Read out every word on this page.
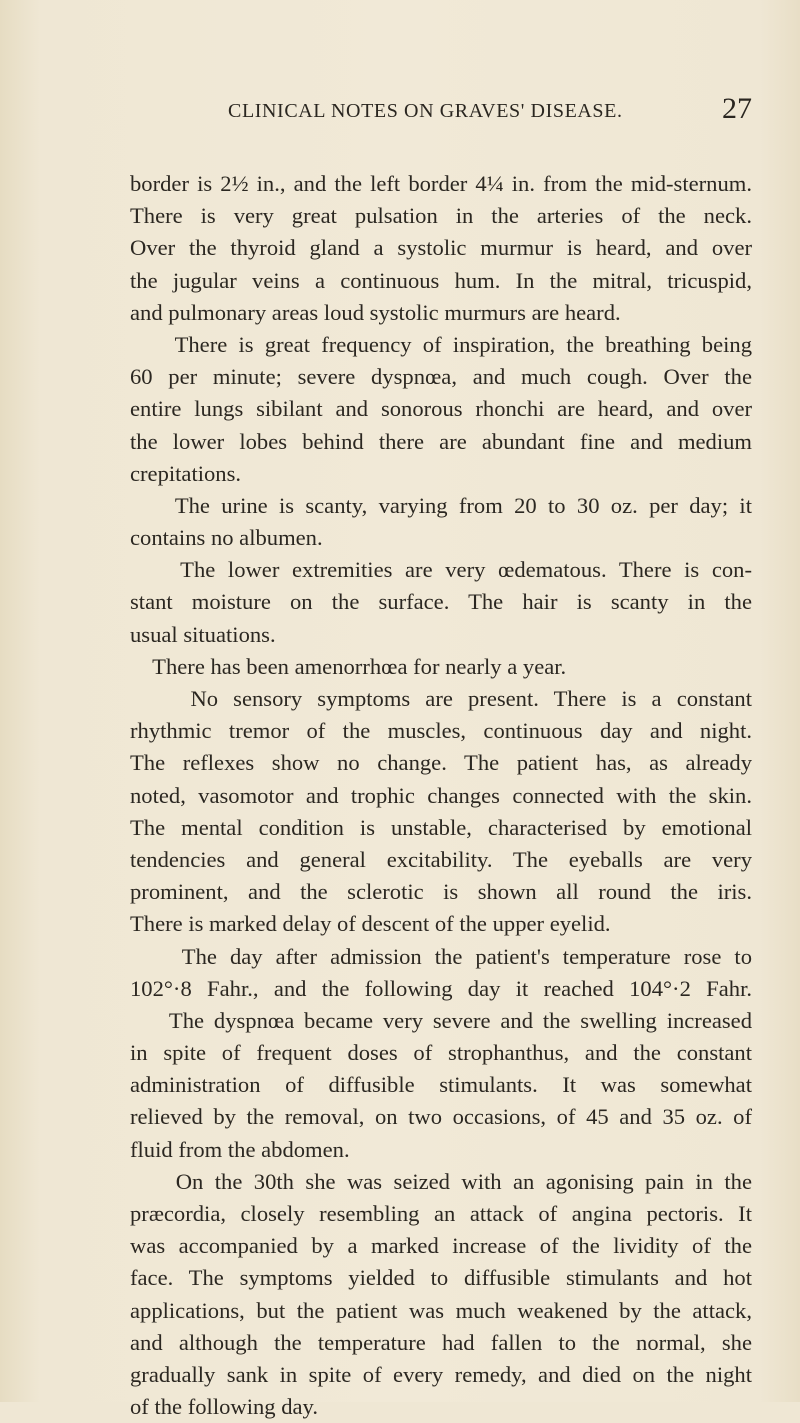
CLINICAL NOTES ON GRAVES' DISEASE.	27
border is 2½ in., and the left border 4¼ in. from the mid-sternum.
There is very great pulsation in the arteries of the neck.
Over the thyroid gland a systolic murmur is heard, and over
the jugular veins a continuous hum. In the mitral, tricuspid,
and pulmonary areas loud systolic murmurs are heard.
There is great frequency of inspiration, the breathing being
60 per minute; severe dyspnœa, and much cough. Over the
entire lungs sibilant and sonorous rhonchi are heard, and over
the lower lobes behind there are abundant fine and medium
crepitations.
The urine is scanty, varying from 20 to 30 oz. per day; it
contains no albumen.
The lower extremities are very œdematous. There is con-
stant moisture on the surface. The hair is scanty in the
usual situations.
There has been amenorrhœa for nearly a year.
No sensory symptoms are present. There is a constant
rhythmic tremor of the muscles, continuous day and night.
The reflexes show no change. The patient has, as already
noted, vasomotor and trophic changes connected with the skin.
The mental condition is unstable, characterised by emotional
tendencies and general excitability. The eyeballs are very
prominent, and the sclerotic is shown all round the iris.
There is marked delay of descent of the upper eyelid.
The day after admission the patient's temperature rose to
102°·8 Fahr., and the following day it reached 104°·2 Fahr.
The dyspnœa became very severe and the swelling increased
in spite of frequent doses of strophanthus, and the constant
administration of diffusible stimulants. It was somewhat
relieved by the removal, on two occasions, of 45 and 35 oz. of
fluid from the abdomen.
On the 30th she was seized with an agonising pain in the
præcordia, closely resembling an attack of angina pectoris. It
was accompanied by a marked increase of the lividity of the
face. The symptoms yielded to diffusible stimulants and hot
applications, but the patient was much weakened by the attack,
and although the temperature had fallen to the normal, she
gradually sank in spite of every remedy, and died on the night
of the following day.
